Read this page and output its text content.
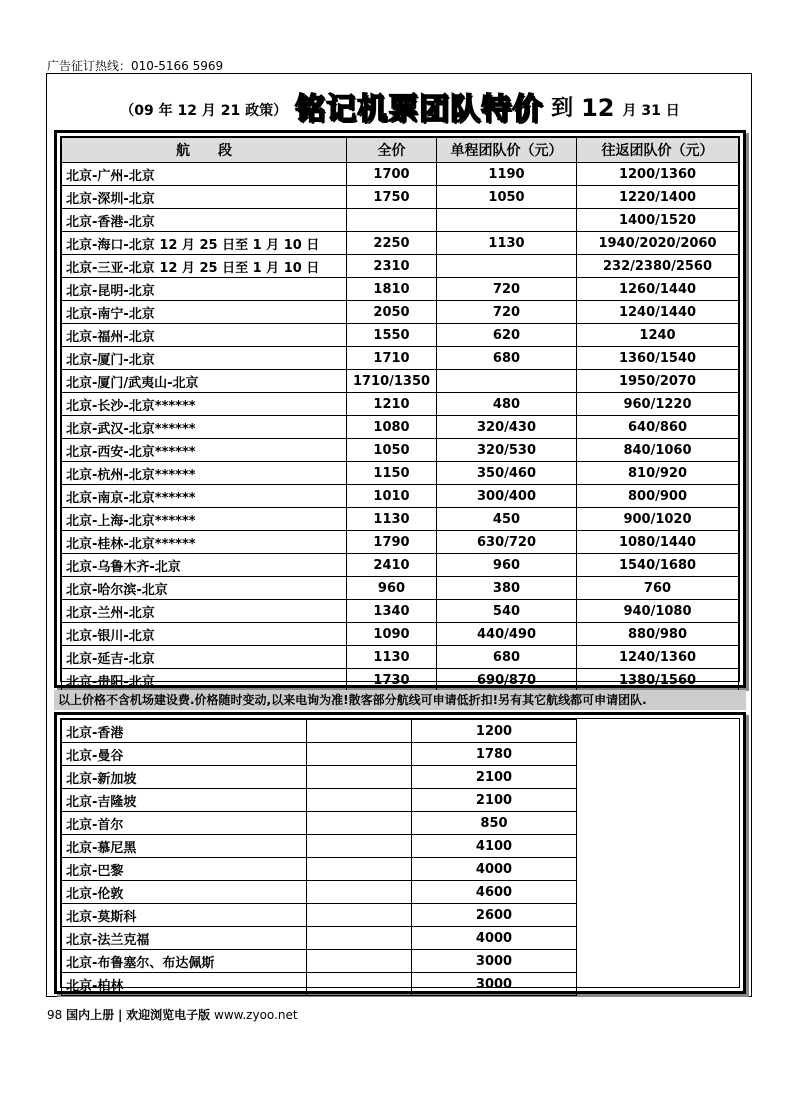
广告征订热线：010-5166 5969
（09 年 12 月 21 政策） 铭记机票团队特价 到 12 月 31 日
航　　段	全价	单程团队价（元）	往返团队价（元）
北京-广州-北京	1700	1190	1200/1360
北京-深圳-北京	1750	1050	1220/1400
北京-香港-北京			1400/1520
北京-海口-北京 12 月 25 日至 1 月 10 日	2250	1130	1940/2020/2060
北京-三亚-北京 12 月 25 日至 1 月 10 日	2310		232/2380/2560
北京-昆明-北京	1810	720	1260/1440
北京-南宁-北京	2050	720	1240/1440
北京-福州-北京	1550	620	1240
北京-厦门-北京	1710	680	1360/1540
北京-厦门/武夷山-北京	1710/1350		1950/2070
北京-长沙-北京******	1210	480	960/1220
北京-武汉-北京******	1080	320/430	640/860
北京-西安-北京******	1050	320/530	840/1060
北京-杭州-北京******	1150	350/460	810/920
北京-南京-北京******	1010	300/400	800/900
北京-上海-北京******	1130	450	900/1020
北京-桂林-北京******	1790	630/720	1080/1440
北京-乌鲁木齐-北京	2410	960	1540/1680
北京-哈尔滨-北京	960	380	760
北京-兰州-北京	1340	540	940/1080
北京-银川-北京	1090	440/490	880/980
北京-延吉-北京	1130	680	1240/1360
北京-贵阳-北京	1730	690/870	1380/1560
以上价格不含机场建设费.价格随时变动,以来电询为准!散客部分航线可申请低折扣!另有其它航线都可申请团队.
北京-香港		1200	
北京-曼谷		1780	
北京-新加坡		2100	
北京-吉隆坡		2100	
北京-首尔		850	
北京-慕尼黑		4100	
北京-巴黎		4000	
北京-伦敦		4600	
北京-莫斯科		2600	
北京-法兰克福		4000	
北京-布鲁塞尔、布达佩斯		3000	
北京-柏林		3000	
98 国内上册 | 欢迎浏览电子版 www.zyoo.net
